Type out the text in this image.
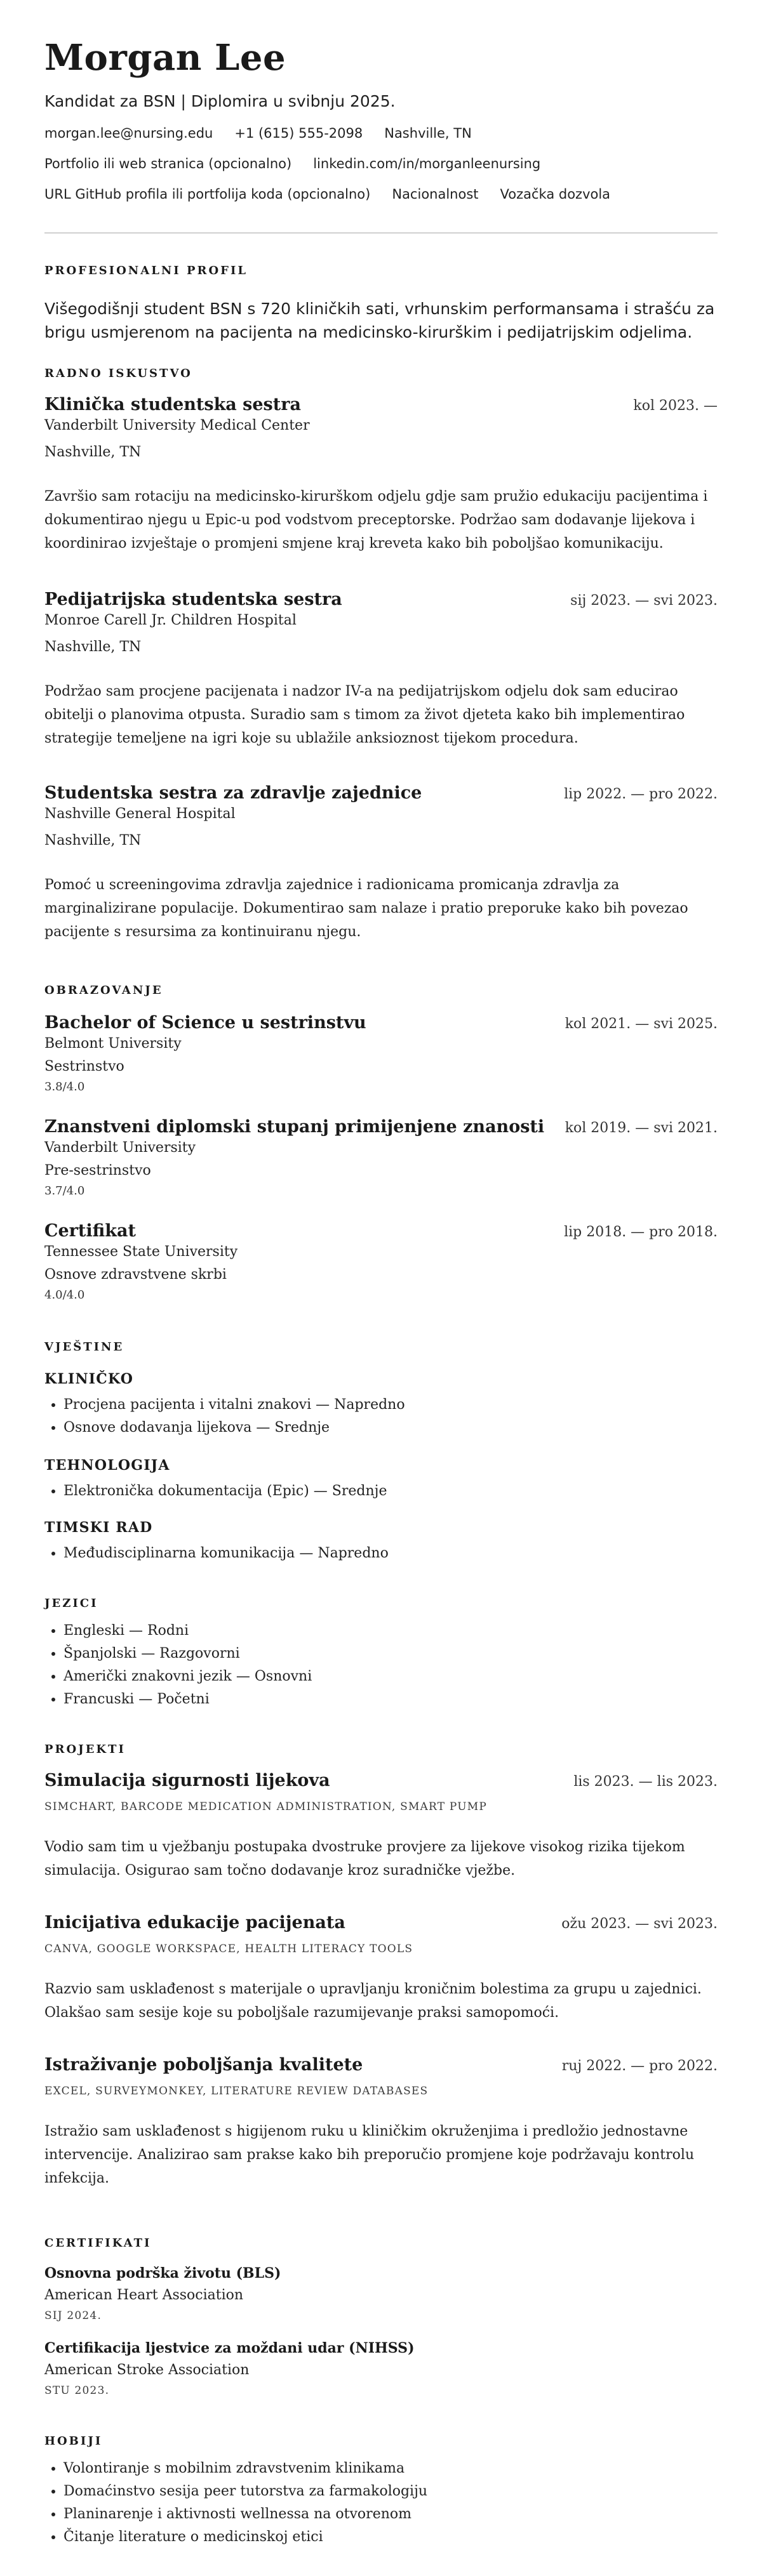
Morgan Lee
Kandidat za BSN | Diplomira u svibnju 2025.
morgan.lee@nursing.edu +1 (615) 555-2098 Nashville, TN
Portfolio ili web stranica (opcionalno) linkedin.com/in/morganleenursing
URL GitHub profila ili portfolija koda (opcionalno) Nacionalnost Vozačka dozvola
PROFESIONALNI PROFIL
Višegodišnji student BSN s 720 kliničkih sati, vrhunskim performansama i strašću za brigu usmjerenom na pacijenta na medicinsko-kirurškim i pedijatrijskim odjelima.
RADNO ISKUSTVO
Klinička studentska sestra	kol 2023. —
Vanderbilt University Medical Center
Nashville, TN
Završio sam rotaciju na medicinsko-kirurškom odjelu gdje sam pružio edukaciju pacijentima i dokumentirao njegu u Epic-u pod vodstvom preceptorske. Podržao sam dodavanje lijekova i koordinirao izvještaje o promjeni smjene kraj kreveta kako bih poboljšao komunikaciju.
Pedijatrijska studentska sestra	sij 2023. — svi 2023.
Monroe Carell Jr. Children Hospital
Nashville, TN
Podržao sam procjene pacijenata i nadzor IV-a na pedijatrijskom odjelu dok sam educirao obitelji o planovima otpusta. Suradio sam s timom za život djeteta kako bih implementirao strategije temeljene na igri koje su ublažile anksioznost tijekom procedura.
Studentska sestra za zdravlje zajednice	lip 2022. — pro 2022.
Nashville General Hospital
Nashville, TN
Pomoć u screeningovima zdravlja zajednice i radionicama promicanja zdravlja za marginalizirane populacije. Dokumentirao sam nalaze i pratio preporuke kako bih povezao pacijente s resursima za kontinuiranu njegu.
OBRAZOVANJE
Bachelor of Science u sestrinstvu	kol 2021. — svi 2025.
Belmont University
Sestrinstvo
3.8/4.0
Znanstveni diplomski stupanj primijenjene znanosti kol 2019. — svi 2021.
Vanderbilt University
Pre-sestrinstvo
3.7/4.0
Certifikat	lip 2018. — pro 2018.
Tennessee State University
Osnove zdravstvene skrbi
4.0/4.0
VJEŠTINE
KLINIČKO
• Procjena pacijenta i vitalni znakovi — Napredno
• Osnove dodavanja lijekova — Srednje
TEHNOLOGIJA
• Elektronička dokumentacija (Epic) — Srednje
TIMSKI RAD
• Međudisciplinarna komunikacija — Napredno
JEZICI
• Engleski — Rodni
• Španjolski — Razgovorni
• Američki znakovni jezik — Osnovni
• Francuski — Početni
PROJEKTI
Simulacija sigurnosti lijekova	lis 2023. — lis 2023.
SIMCHART, BARCODE MEDICATION ADMINISTRATION, SMART PUMP
Vodio sam tim u vježbanju postupaka dvostruke provjere za lijekove visokog rizika tijekom simulacija. Osigurao sam točno dodavanje kroz suradničke vježbe.
Inicijativa edukacije pacijenata	ožu 2023. — svi 2023.
CANVA, GOOGLE WORKSPACE, HEALTH LITERACY TOOLS
Razvio sam usklađenost s materijale o upravljanju kroničnim bolestima za grupu u zajednici. Olakšao sam sesije koje su poboljšale razumijevanje praksi samopomoći.
Istraživanje poboljšanja kvalitete	ruj 2022. — pro 2022.
EXCEL, SURVEYMONKEY, LITERATURE REVIEW DATABASES
Istražio sam usklađenost s higijenom ruku u kliničkim okruženjima i predložio jednostavne intervencije. Analizirao sam prakse kako bih preporučio promjene koje podržavaju kontrolu infekcija.
CERTIFIKATI
Osnovna podrška životu (BLS)
American Heart Association
SIJ 2024.
Certifikacija ljestvice za moždani udar (NIHSS)
American Stroke Association
STU 2023.
HOBIJI
• Volontiranje s mobilnim zdravstvenim klinikama
• Domaćinstvo sesija peer tutorstva za farmakologiju
• Planinarenje i aktivnosti wellnessa na otvorenom
• Čitanje literature o medicinskoj etici
